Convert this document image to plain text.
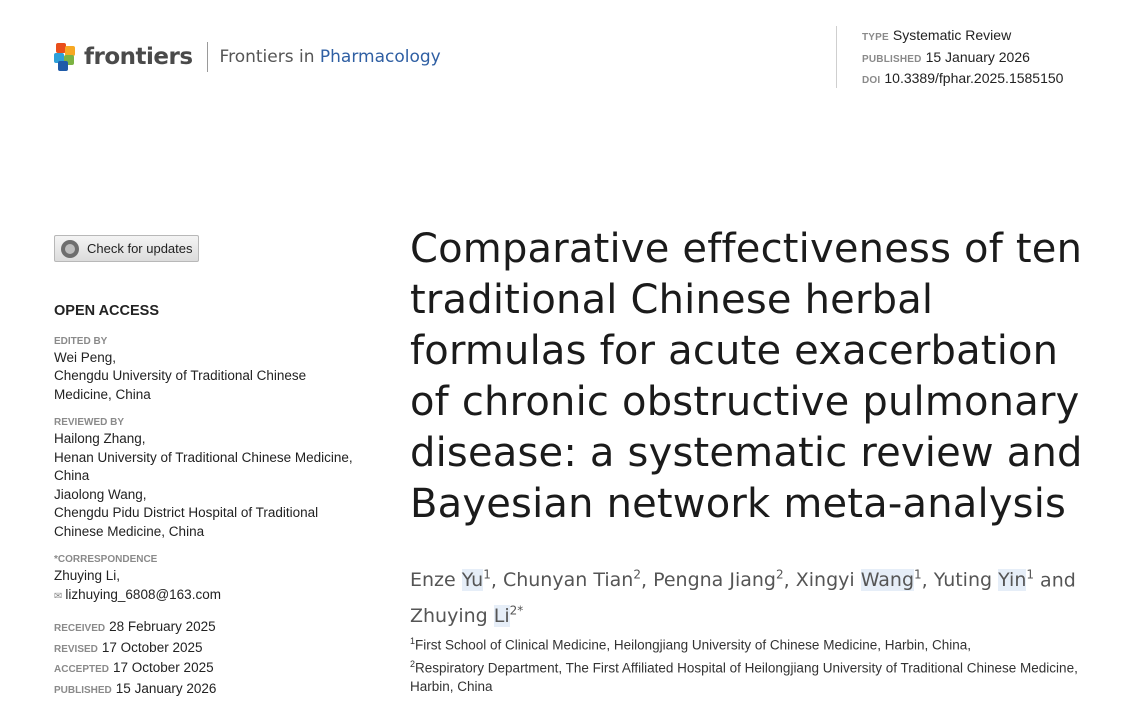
frontiers Frontiers in Pharmacology
TYPE Systematic Review
PUBLISHED 15 January 2026
DOI 10.3389/fphar.2025.1585150
Check for updates
OPEN ACCESS
EDITED BY

Wei Peng,

Chengdu University of Traditional Chinese Medicine, China

REVIEWED BY

Hailong Zhang,

Henan University of Traditional Chinese Medicine, China

Jiaolong Wang,

Chengdu Pidu District Hospital of Traditional Chinese Medicine, China

*CORRESPONDENCE

Zhuying Li,

✉ lizhuying_6808@163.com

RECEIVED 28 February 2025
REVISED 17 October 2025
ACCEPTED 17 October 2025
PUBLISHED 15 January 2026
Comparative effectiveness of ten traditional Chinese herbal formulas for acute exacerbation of chronic obstructive pulmonary disease: a systematic review and Bayesian network meta-analysis
Enze Yu$^1$, Chunyan Tian$^2$, Pengna Jiang$^2$, Xingyi Wang$^1$, Yuting Yin$^1$ and Zhuying $Li^{2*}$
$^1$First School of Clinical Medicine, Heilongjiang University of Chinese Medicine, Harbin, China,
$^2$Respiratory Department, The First Affiliated Hospital of Heilongjiang University of Traditional Chinese Medicine, Harbin, China
